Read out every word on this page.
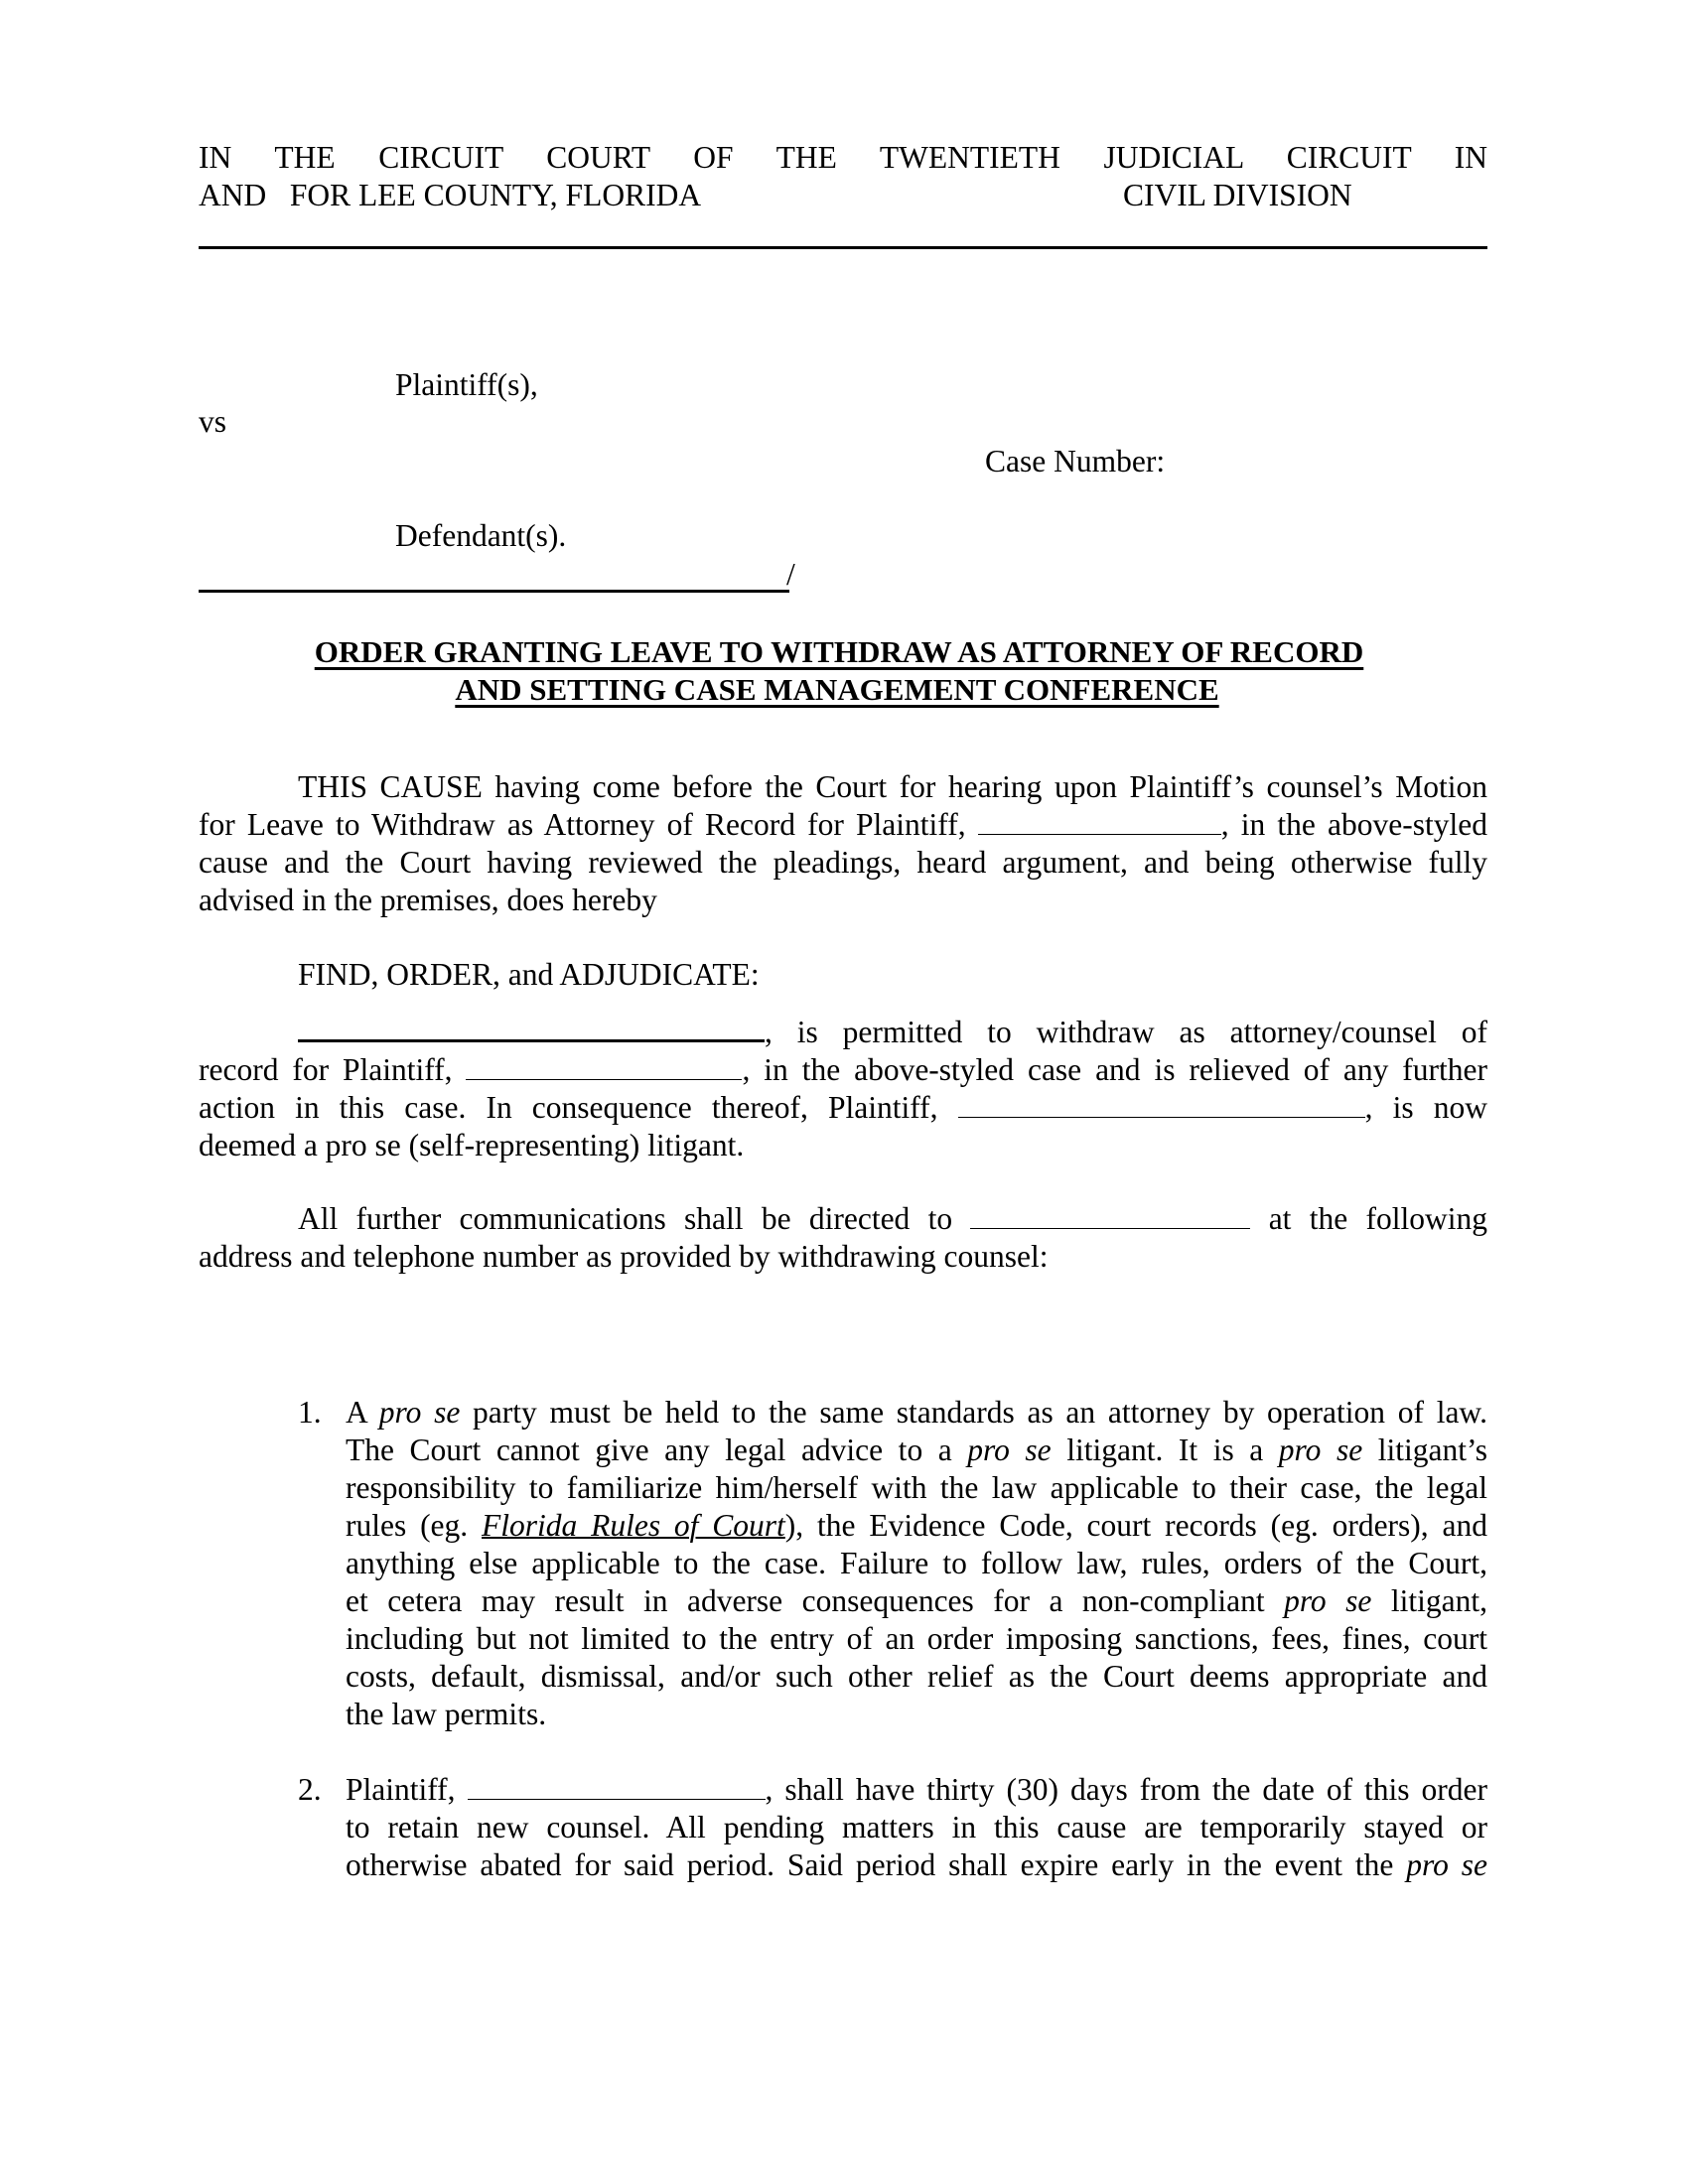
IN THE CIRCUIT COURT OF THE TWENTIETH JUDICIAL CIRCUIT IN
AND   FOR LEE COUNTY, FLORIDA	CIVIL DIVISION
Plaintiff(s),
vs
Case Number:
Defendant(s).
/
ORDER GRANTING LEAVE TO WITHDRAW AS ATTORNEY OF RECORD
AND SETTING CASE MANAGEMENT CONFERENCE
THIS CAUSE having come before the Court for hearing upon Plaintiff’s counsel’s Motion
for Leave to Withdraw as Attorney of Record for Plaintiff,	, in the above-styled
cause and the Court having reviewed the pleadings, heard argument, and being otherwise fully
advised in the premises, does hereby
FIND, ORDER, and ADJUDICATE:
, is permitted to withdraw as attorney/counsel of
record for Plaintiff,	, in the above-styled case and is relieved of any further
action in this case. In consequence thereof, Plaintiff,	, is now
deemed a pro se (self-representing) litigant.
All further communications shall be directed to	at the following
address and telephone number as provided by withdrawing counsel:
1. A pro se party must be held to the same standards as an attorney by operation of law.
The Court cannot give any legal advice to a pro se litigant. It is a pro se litigant’s
responsibility to familiarize him/herself with the law applicable to their case, the legal
rules (eg. Florida Rules of Court), the Evidence Code, court records (eg. orders), and
anything else applicable to the case. Failure to follow law, rules, orders of the Court,
et cetera may result in adverse consequences for a non-compliant pro se litigant,
including but not limited to the entry of an order imposing sanctions, fees, fines, court
costs, default, dismissal, and/or such other relief as the Court deems appropriate and
the law permits.
2. Plaintiff,	, shall have thirty (30) days from the date of this order
to retain new counsel. All pending matters in this cause are temporarily stayed or
otherwise abated for said period. Said period shall expire early in the event the pro se
